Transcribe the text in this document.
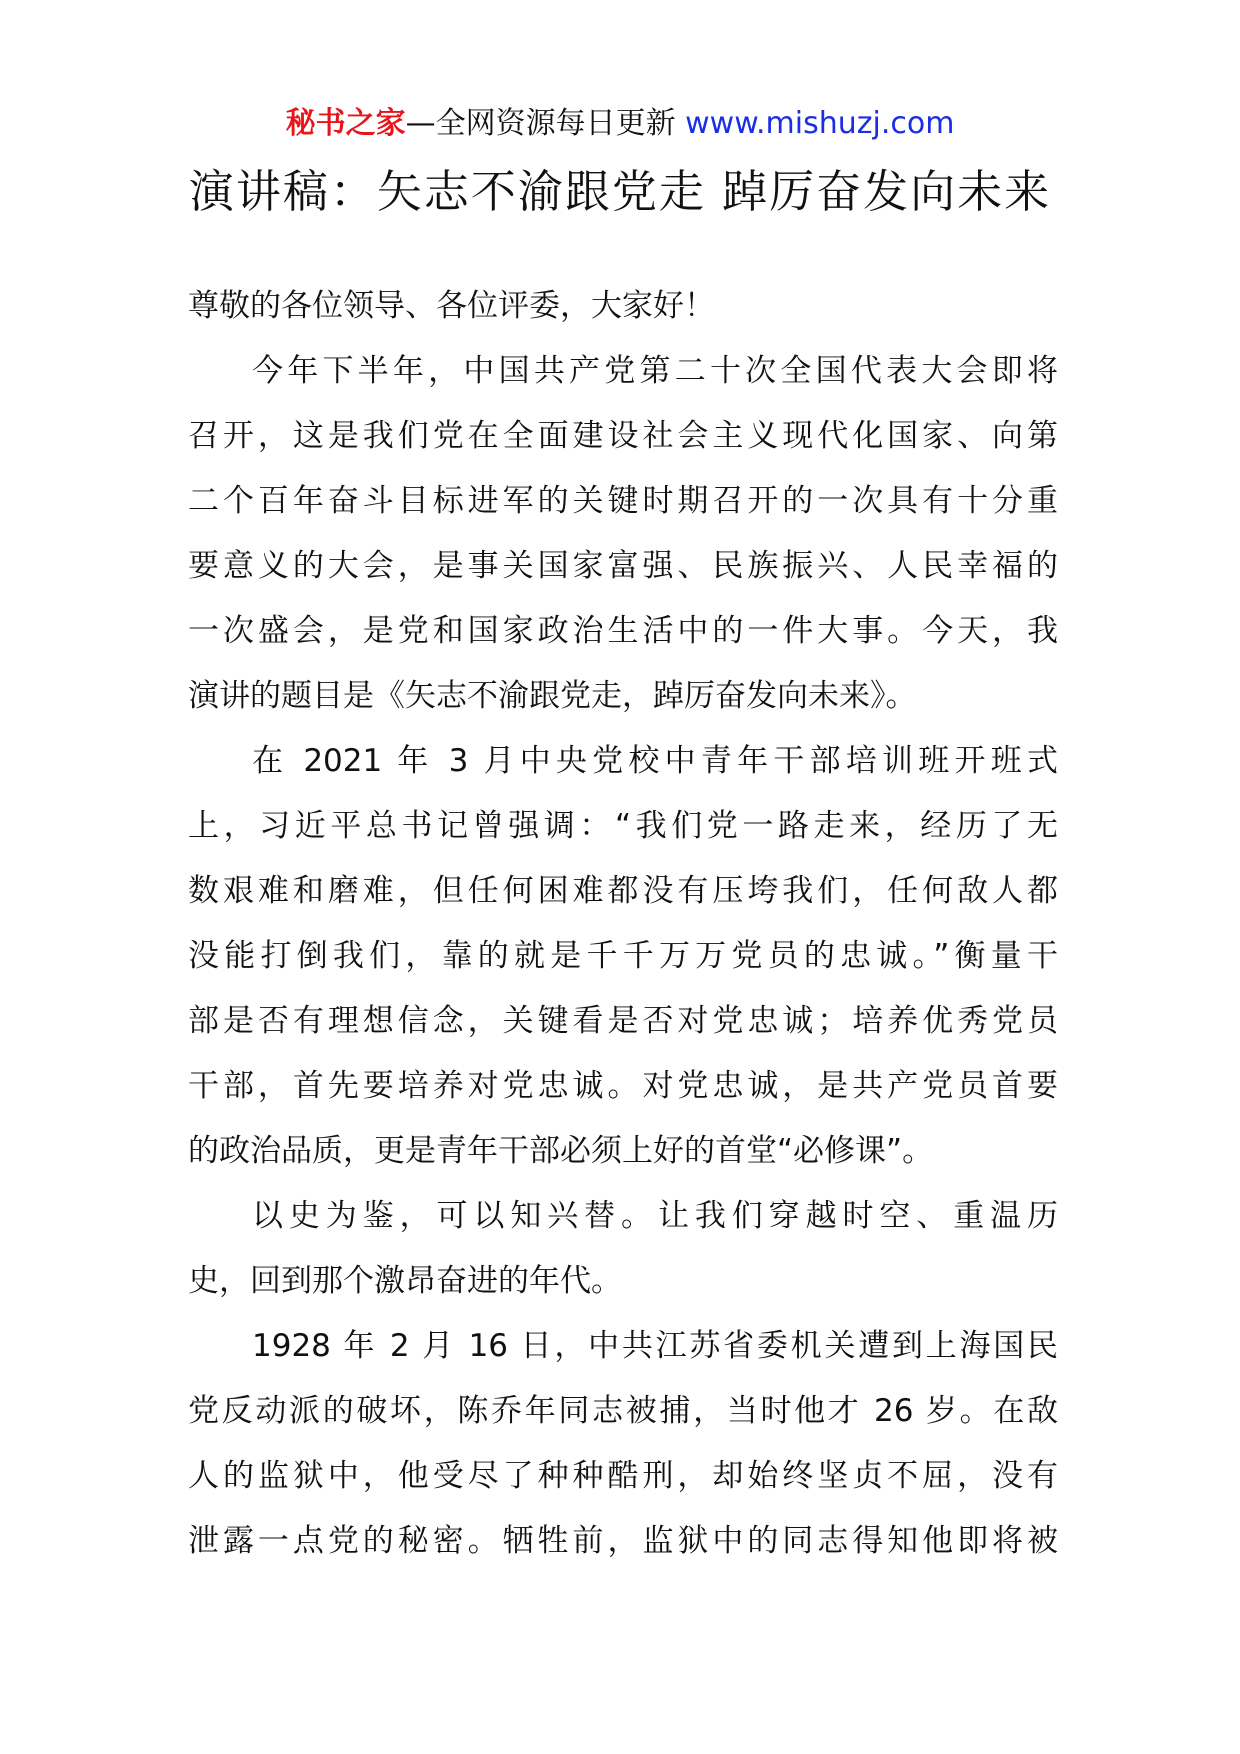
秘书之家—全网资源每日更新 www.mishuzj.com
演讲稿：矢志不渝跟党走 踔厉奋发向未来
尊敬的各位领导、各位评委，大家好！
今年下半年，中国共产党第二十次全国代表大会即将
召开，这是我们党在全面建设社会主义现代化国家、向第
二个百年奋斗目标进军的关键时期召开的一次具有十分重
要意义的大会，是事关国家富强、民族振兴、人民幸福的
一次盛会，是党和国家政治生活中的一件大事。今天，我
演讲的题目是《矢志不渝跟党走，踔厉奋发向未来》。
在 2021 年 3 月中央党校中青年干部培训班开班式
上，习近平总书记曾强调：“我们党一路走来，经历了无
数艰难和磨难，但任何困难都没有压垮我们，任何敌人都
没能打倒我们，靠的就是千千万万党员的忠诚。”衡量干
部是否有理想信念，关键看是否对党忠诚；培养优秀党员
干部，首先要培养对党忠诚。对党忠诚，是共产党员首要
的政治品质，更是青年干部必须上好的首堂“必修课”。
以史为鉴，可以知兴替。让我们穿越时空、重温历
史，回到那个激昂奋进的年代。
1928 年 2 月 16 日，中共江苏省委机关遭到上海国民
党反动派的破坏，陈乔年同志被捕，当时他才 26 岁。在敌
人的监狱中，他受尽了种种酷刑，却始终坚贞不屈，没有
泄露一点党的秘密。牺牲前，监狱中的同志得知他即将被
